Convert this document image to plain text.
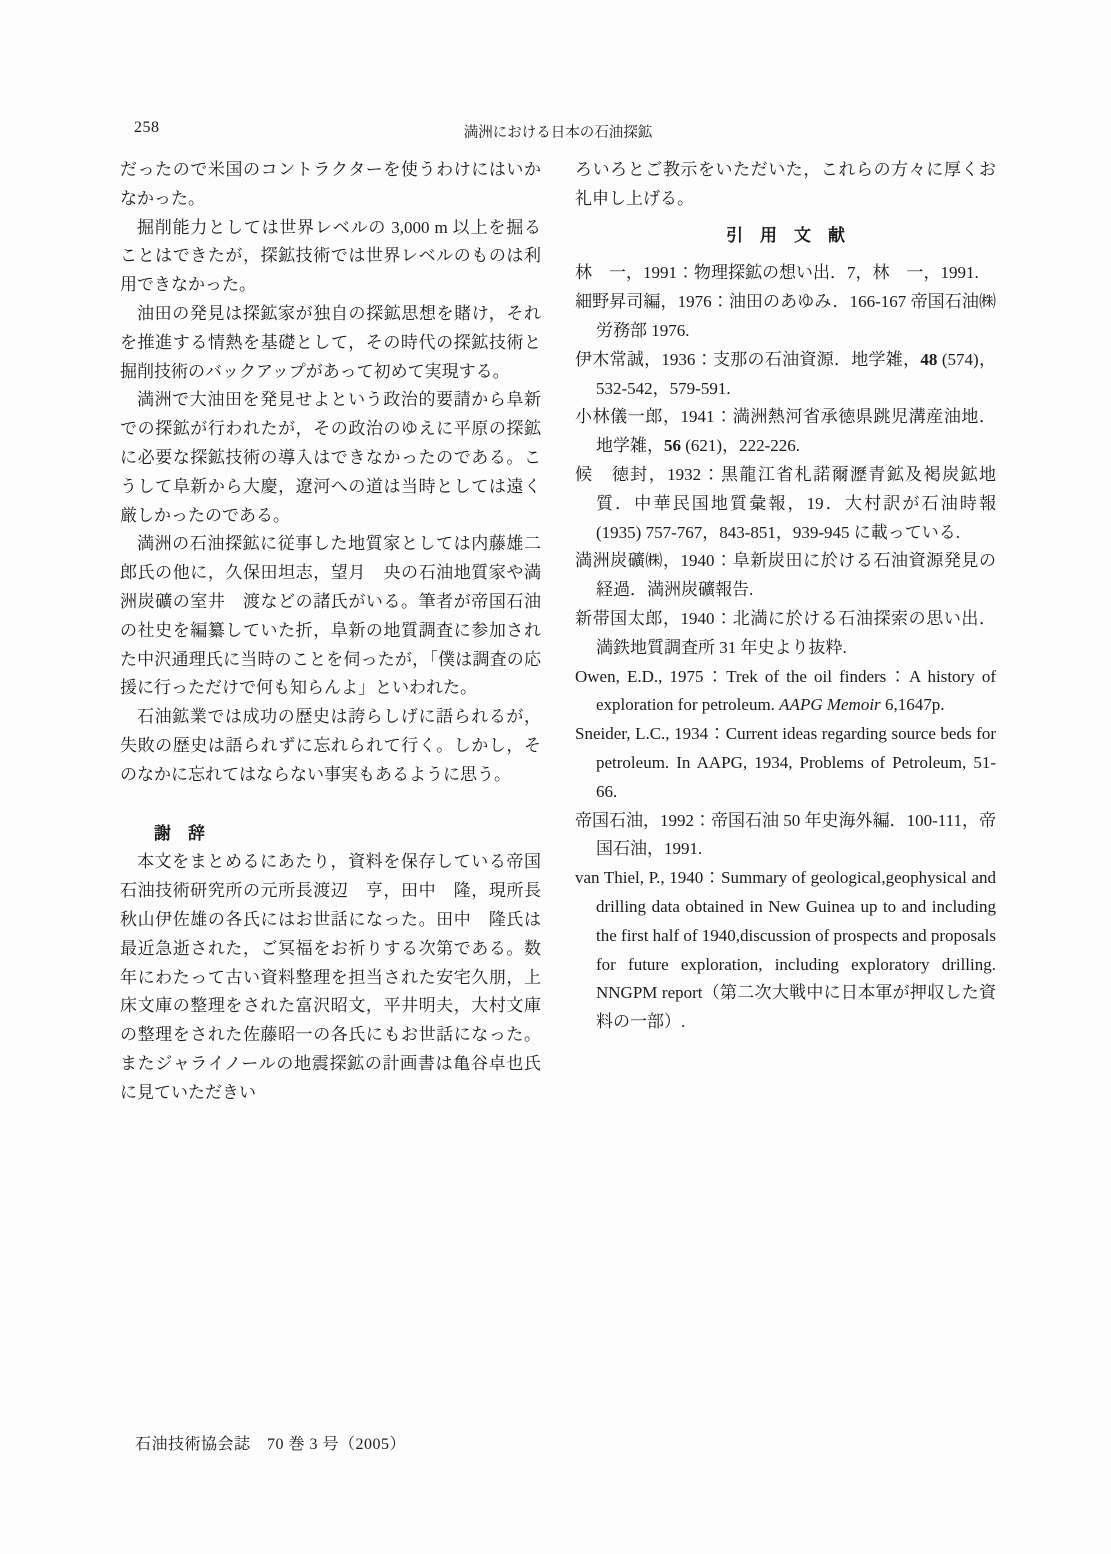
258	満洲における日本の石油探鉱

だったので米国のコントラクターを使うわけにはいかなかった。

掘削能力としては世界レベルの 3,000 m 以上を掘ることはできたが，探鉱技術では世界レベルのものは利用できなかった。

油田の発見は探鉱家が独自の探鉱思想を賭け，それを推進する情熱を基礎として，その時代の探鉱技術と掘削技術のバックアップがあって初めて実現する。

満洲で大油田を発見せよという政治的要請から阜新での探鉱が行われたが，その政治のゆえに平原の探鉱に必要な探鉱技術の導入はできなかったのである。こうして阜新から大慶，遼河への道は当時としては遠く厳しかったのである。

満洲の石油探鉱に従事した地質家としては内藤雄二郎氏の他に，久保田坦志，望月　央の石油地質家や満洲炭礦の室井　渡などの諸氏がいる。筆者が帝国石油の社史を編纂していた折，阜新の地質調査に参加された中沢通理氏に当時のことを伺ったが，「僕は調査の応援に行っただけで何も知らんよ」といわれた。

石油鉱業では成功の歴史は誇らしげに語られるが，失敗の歴史は語られずに忘れられて行く。しかし，そのなかに忘れてはならない事実もあるように思う。

謝　辞

本文をまとめるにあたり，資料を保存している帝国石油技術研究所の元所長渡辺　亨，田中　隆，現所長秋山伊佐雄の各氏にはお世話になった。田中　隆氏は最近急逝された，ご冥福をお祈りする次第である。数年にわたって古い資料整理を担当された安宅久朋，上床文庫の整理をされた富沢昭文，平井明夫，大村文庫の整理をされた佐藤昭一の各氏にもお世話になった。またジャライノールの地震探鉱の計画書は亀谷卓也氏に見ていただきい

ろいろとご教示をいただいた，これらの方々に厚くお礼申し上げる。

引　用　文　献

林　一，1991：物理探鉱の想い出．7，林　一，1991.

細野昇司編，1976：油田のあゆみ．166-167 帝国石油㈱労務部 1976.

伊木常誠，1936：支那の石油資源．地学雑，48 (574)，532-542，579-591.

小林儀一郎，1941：満洲熱河省承徳県跳児溝産油地．地学雑，56 (621)，222-226.

候　徳封，1932：黒龍江省札諾爾瀝青鉱及褐炭鉱地質．中華民国地質彙報，19．大村訳が石油時報 (1935) 757-767，843-851，939-945 に載っている.

満洲炭礦㈱，1940：阜新炭田に於ける石油資源発見の経過．満洲炭礦報告.

新帯国太郎，1940：北満に於ける石油探索の思い出．満鉄地質調査所 31 年史より抜粋.

Owen, E.D., 1975：Trek of the oil finders：A history of exploration for petroleum. AAPG Memoir 6,1647p.

Sneider, L.C., 1934：Current ideas regarding source beds for petroleum. In AAPG, 1934, Problems of Petroleum, 51-66.

帝国石油，1992：帝国石油 50 年史海外編．100-111，帝国石油，1991.

van Thiel, P., 1940：Summary of geological,geophysical and drilling data obtained in New Guinea up to and including the first half of 1940,discussion of prospects and proposals for future exploration, including exploratory drilling. NNGPM report（第二次大戦中に日本軍が押収した資料の一部）.

石油技術協会誌　70 巻 3 号（2005）
